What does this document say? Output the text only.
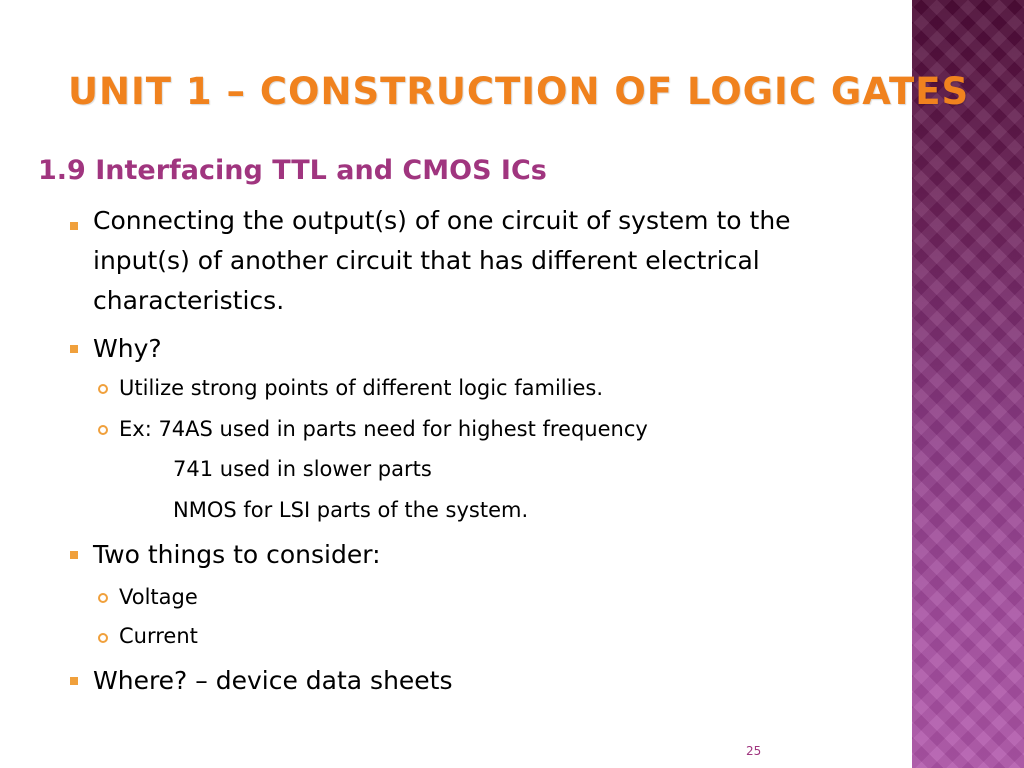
UNIT 1 – CONSTRUCTION OF LOGIC GATES
1.9 Interfacing TTL and CMOS ICs
Connecting the output(s) of one circuit of system to the
input(s) of another circuit that has different electrical
characteristics.
Why?
Utilize strong points of different logic families.
Ex: 74AS used in parts need for highest frequency
741 used in slower parts
NMOS for LSI parts of the system.
Two things to consider:
Voltage
Current
Where? – device data sheets
25
